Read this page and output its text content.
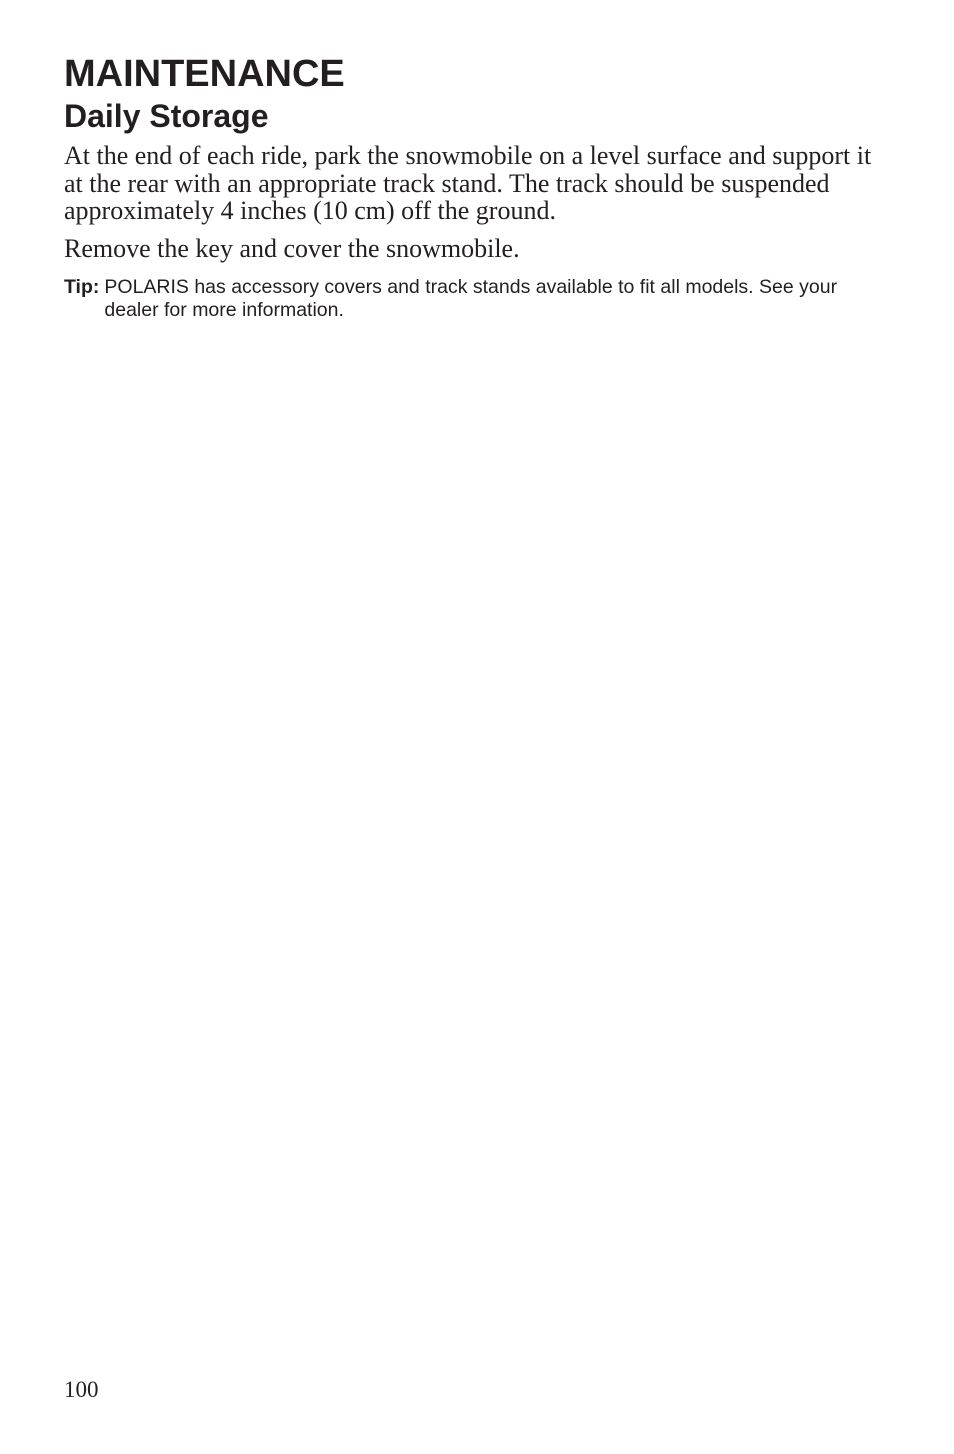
MAINTENANCE
Daily Storage

At the end of each ride, park the snowmobile on a level surface and support it at the rear with an appropriate track stand. The track should be suspended approximately 4 inches (10 cm) off the ground.

Remove the key and cover the snowmobile.

Tip: POLARIS has accessory covers and track stands available to fit all models. See your dealer for more information.
100
